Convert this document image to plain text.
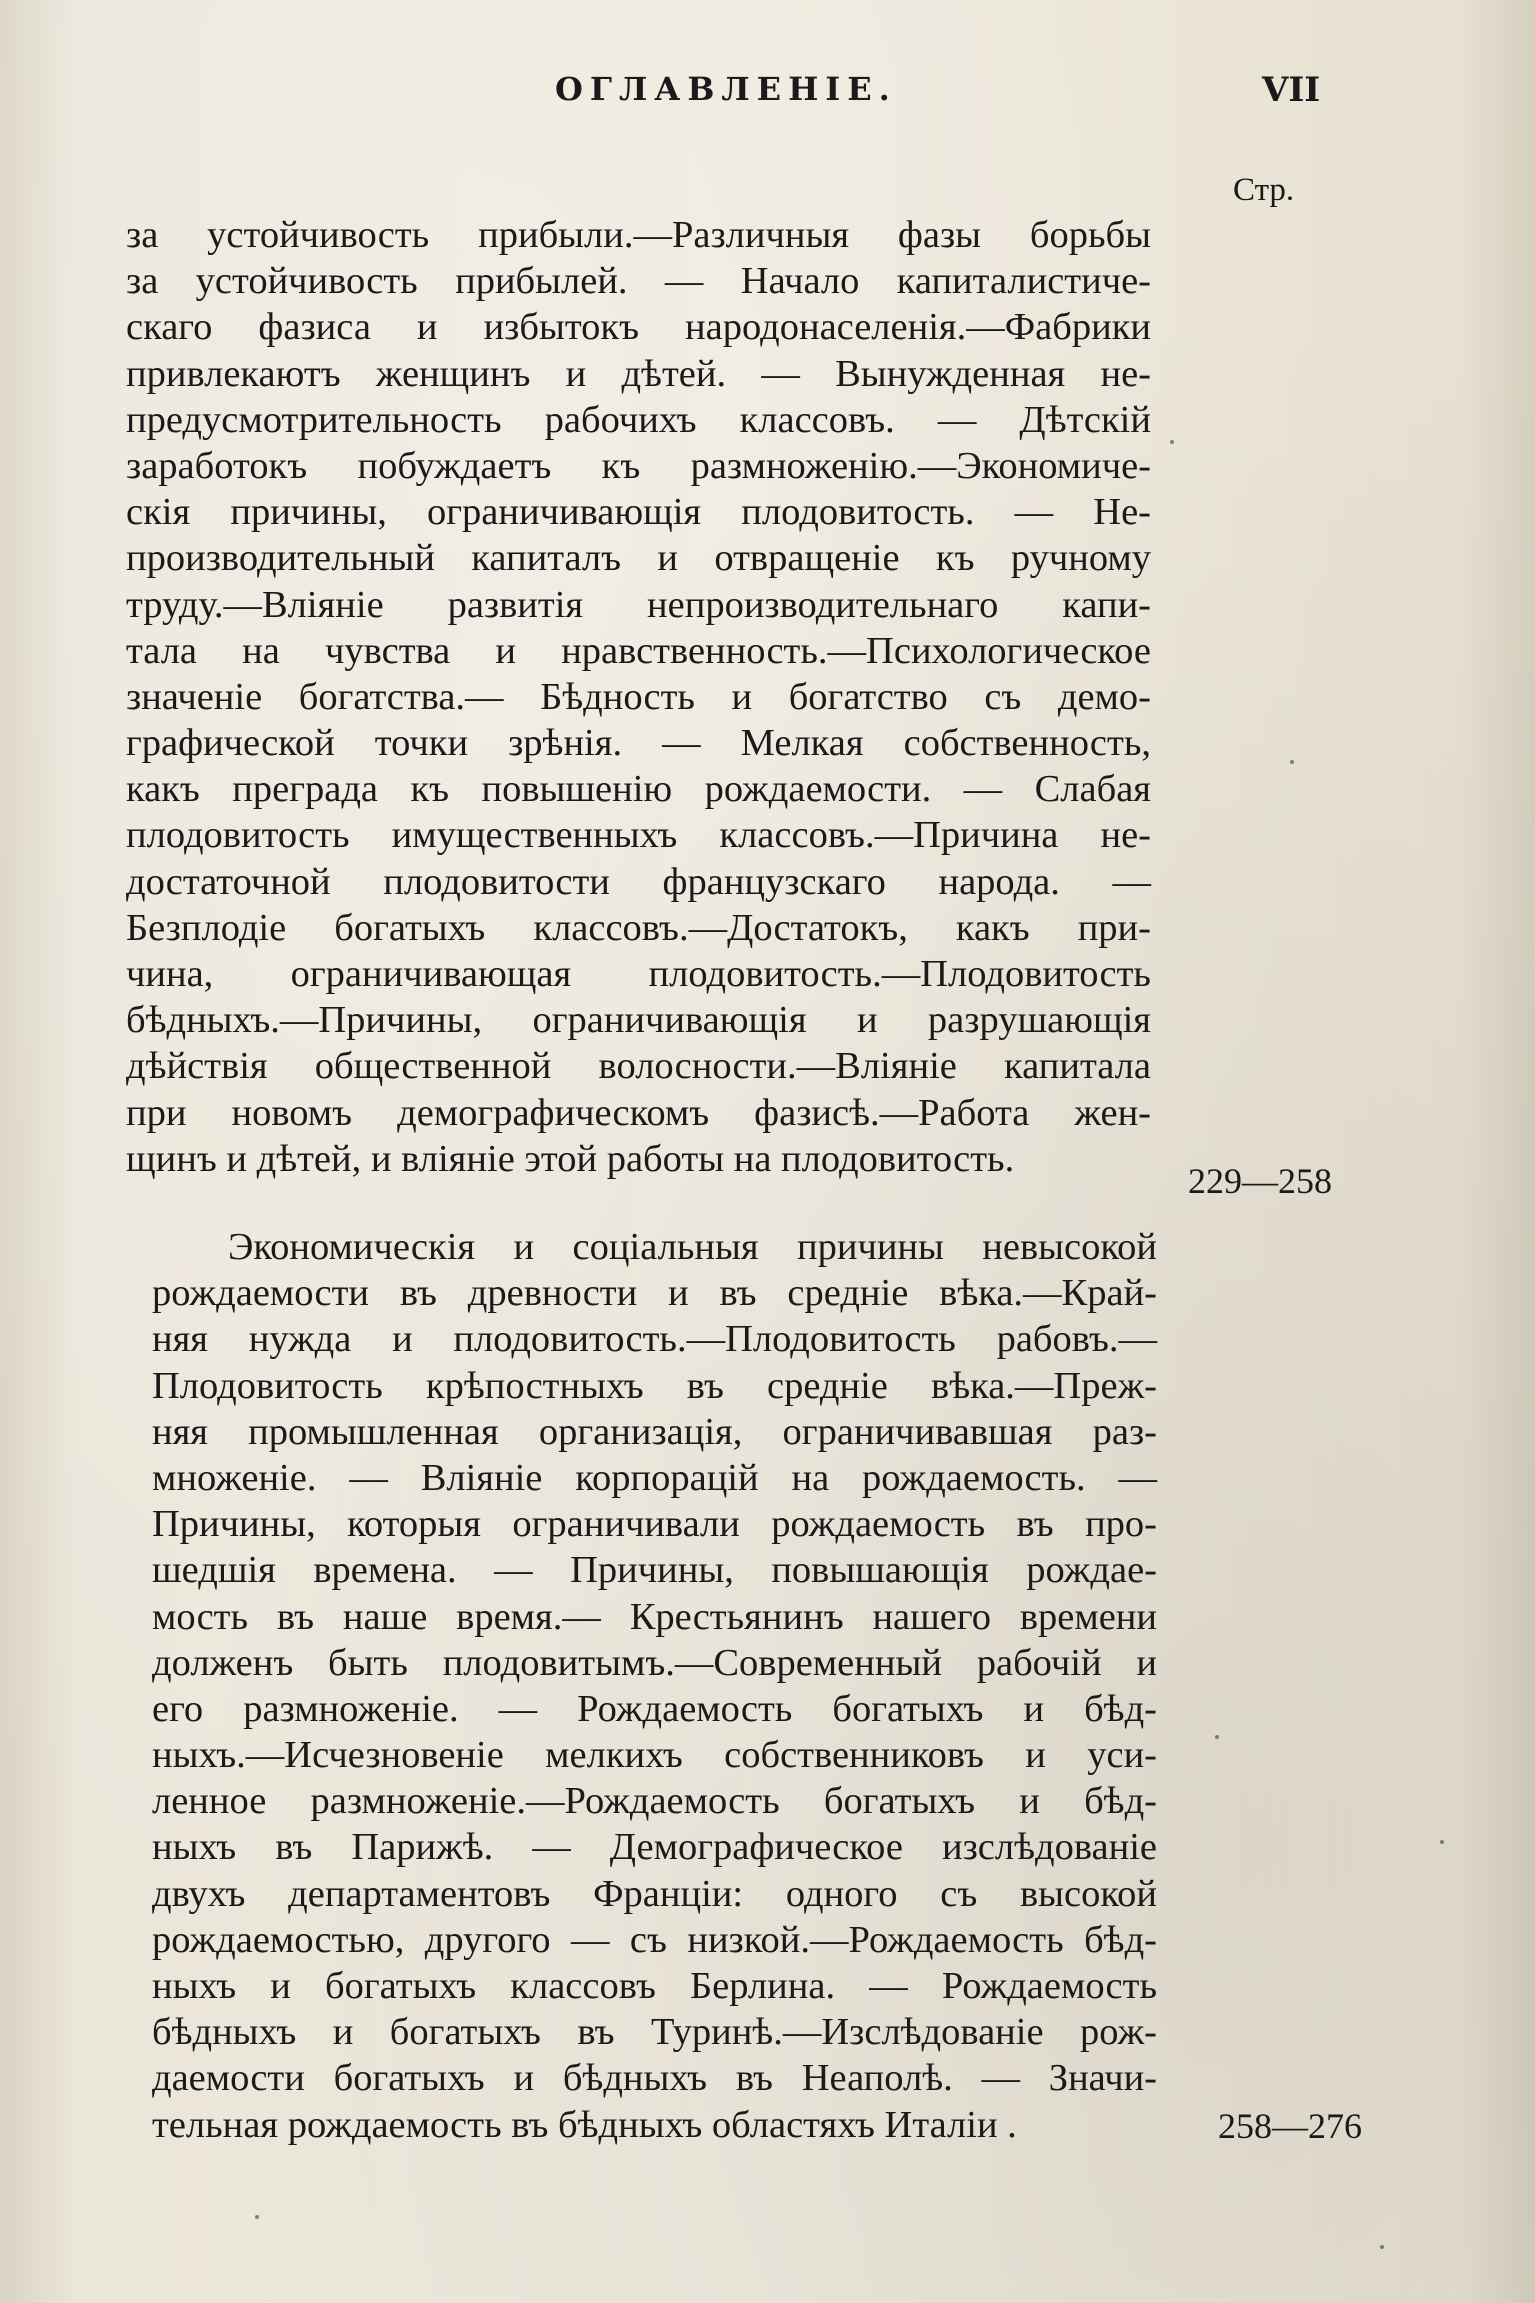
ОГЛАВЛЕНІЕ.	VII
Стр.
за устойчивость прибыли.—Различныя фазы борьбы
за устойчивость прибылей. — Начало капиталистиче-
скаго фазиса и избытокъ народонаселенія.—Фабрики
привлекаютъ женщинъ и дѣтей. — Вынужденная не-
предусмотрительность рабочихъ классовъ. — Дѣтскій
заработокъ побуждаетъ къ размноженію.—Экономиче-
скія причины, ограничивающія плодовитость. — Не-
производительный капиталъ и отвращеніе къ ручному
труду.—Вліяніе развитія непроизводительнаго капи-
тала на чувства и нравственность.—Психологическое
значеніе богатства.— Бѣдность и богатство съ демо-
графической точки зрѣнія. — Мелкая собственность,
какъ преграда къ повышенію рождаемости. — Слабая
плодовитость имущественныхъ классовъ.—Причина не-
достаточной плодовитости французскаго народа. —
Безплодіе богатыхъ классовъ.—Достатокъ, какъ при-
чина, ограничивающая плодовитость.—Плодовитость
бѣдныхъ.—Причины, ограничивающія и разрушающія
дѣйствія общественной волосности.—Вліяніе капитала
при новомъ демографическомъ фазисѣ.—Работа жен-
щинъ и дѣтей, и вліяніе этой работы на плодовитость.
229—258
Экономическія и соціальныя причины невысокой
рождаемости въ древности и въ средніе вѣка.—Край-
няя нужда и плодовитость.—Плодовитость рабовъ.—
Плодовитость крѣпостныхъ въ средніе вѣка.—Преж-
няя промышленная организація, ограничивавшая раз-
множеніе. — Вліяніе корпорацій на рождаемость. —
Причины, которыя ограничивали рождаемость въ про-
шедшія времена. — Причины, повышающія рождае-
мость въ наше время.— Крестьянинъ нашего времени
долженъ быть плодовитымъ.—Современный рабочій и
его размноженіе. — Рождаемость богатыхъ и бѣд-
ныхъ.—Исчезновеніе мелкихъ собственниковъ и уси-
ленное размноженіе.—Рождаемость богатыхъ и бѣд-
ныхъ въ Парижѣ. — Демографическое изслѣдованіе
двухъ департаментовъ Франціи: одного съ высокой
рождаемостью, другого — съ низкой.—Рождаемость бѣд-
ныхъ и богатыхъ классовъ Берлина. — Рождаемость
бѣдныхъ и богатыхъ въ Туринѣ.—Изслѣдованіе рож-
даемости богатыхъ и бѣдныхъ въ Неаполѣ. — Значи-
тельная рождаемость въ бѣдныхъ областяхъ Италіи .	258—276
